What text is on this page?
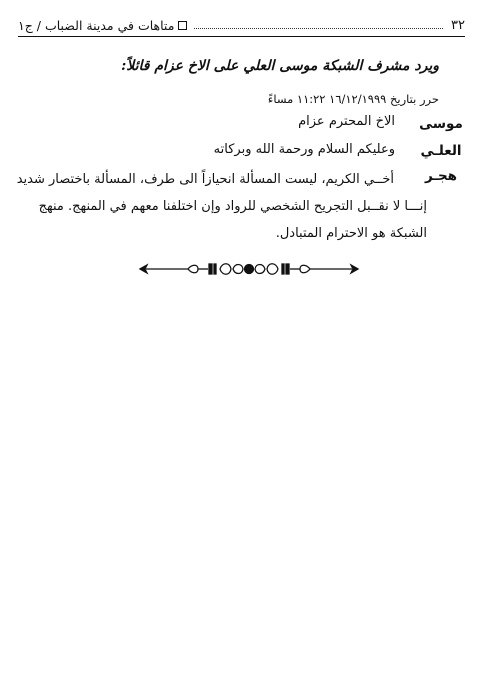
٣٢
متاهات في مدينة الضباب / ج١
ويرد مشرف الشبكة موسى العلي على الاخ عزام قائلاً:
حرر بتاريخ ١٦/١٢/١٩٩٩ ١١:٢٢ مساءً
موسى
العلـي
هجـر
الاخ المحترم عزام
وعليكم السلام ورحمة الله وبركاته
أخــي الكريم، ليست المسألة انحيازاً الى طرف، المسألة باختصار شديد
إنـــا لا نقــبل التجريح الشخصي للرواد وإن اختلفنا معهم في المنهج. منهج
الشبكة هو الاحترام المتبادل.
